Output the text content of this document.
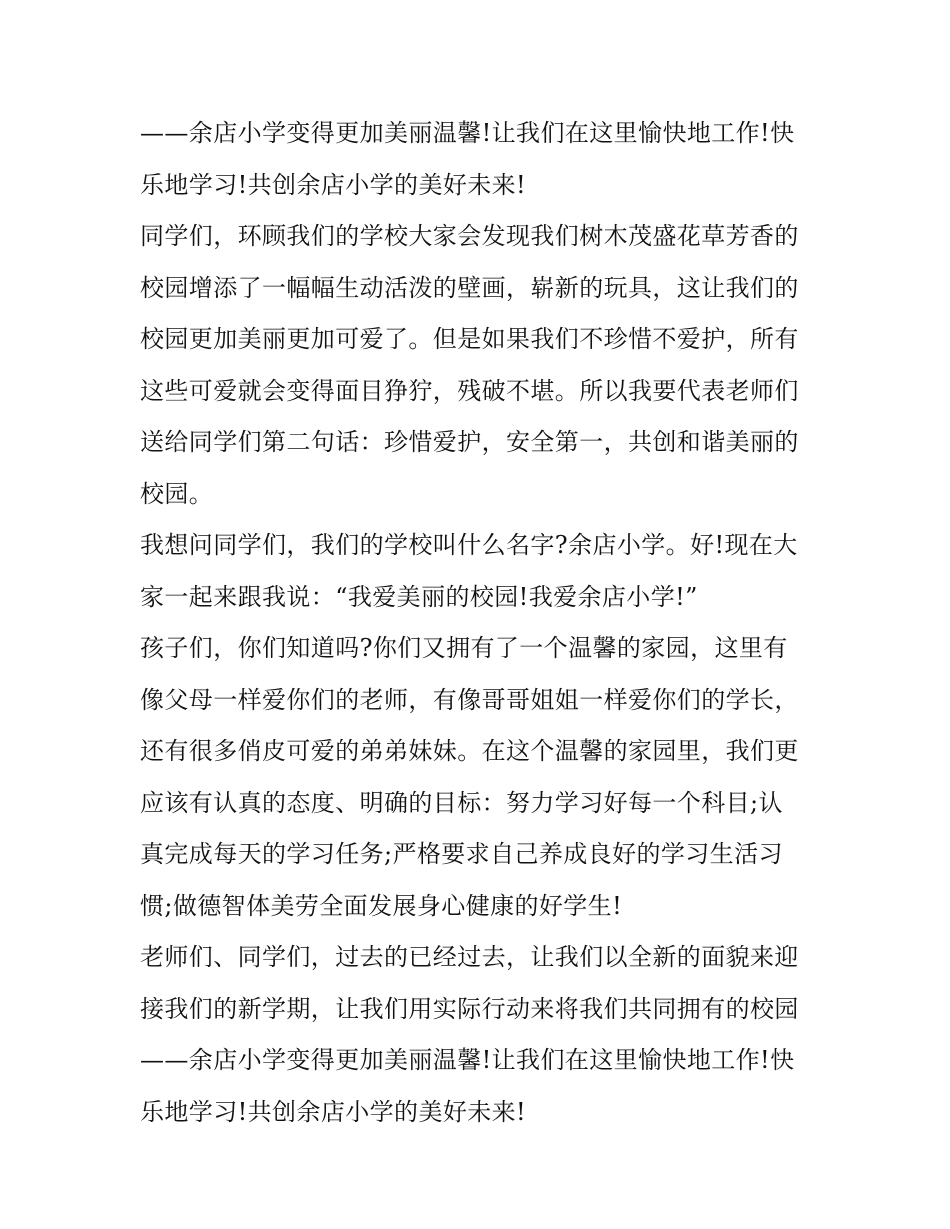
——余店小学变得更加美丽温馨!让我们在这里愉快地工作!快
乐地学习!共创余店小学的美好未来!
同学们，环顾我们的学校大家会发现我们树木茂盛花草芳香的
校园增添了一幅幅生动活泼的壁画，崭新的玩具，这让我们的
校园更加美丽更加可爱了。但是如果我们不珍惜不爱护，所有
这些可爱就会变得面目狰狞，残破不堪。所以我要代表老师们
送给同学们第二句话：珍惜爱护，安全第一，共创和谐美丽的
校园。
我想问同学们，我们的学校叫什么名字?余店小学。好!现在大
家一起来跟我说：“我爱美丽的校园!我爱余店小学!”
孩子们，你们知道吗?你们又拥有了一个温馨的家园，这里有
像父母一样爱你们的老师，有像哥哥姐姐一样爱你们的学长，
还有很多俏皮可爱的弟弟妹妹。在这个温馨的家园里，我们更
应该有认真的态度、明确的目标：努力学习好每一个科目;认
真完成每天的学习任务;严格要求自己养成良好的学习生活习
惯;做德智体美劳全面发展身心健康的好学生!
老师们、同学们，过去的已经过去，让我们以全新的面貌来迎
接我们的新学期，让我们用实际行动来将我们共同拥有的校园
——余店小学变得更加美丽温馨!让我们在这里愉快地工作!快
乐地学习!共创余店小学的美好未来!
